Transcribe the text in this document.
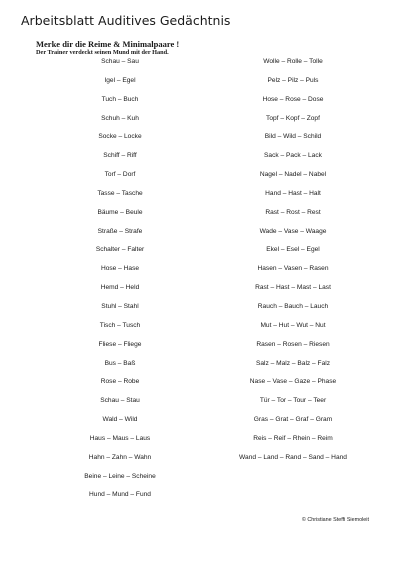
Arbeitsblatt Auditives Gedächtnis
Merke dir die Reime & Minimalpaare !
Der Trainer verdeckt seinen Mund mit der Hand.
Schau – Sau
Igel – Egel
Tuch – Buch
Schuh – Kuh
Socke – Locke
Schiff – Riff
Torf – Dorf
Tasse – Tasche
Bäume – Beule
Straße – Strafe
Schalter – Falter
Hose – Hase
Hemd – Held
Stuhl – Stahl
Tisch – Tusch
Fliese – Fliege
Bus – Baß
Rose – Robe
Schau – Stau
Wald – Wild
Haus – Maus – Laus
Hahn – Zahn – Wahn
Beine – Leine – Scheine
Hund – Mund – Fund
Wolle – Rolle – Tolle
Pelz – Pilz – Puls
Hose – Rose – Dose
Topf – Kopf – Zopf
Bild – Wild – Schild
Sack – Pack – Lack
Nagel – Nadel – Nabel
Hand – Hast – Halt
Rast – Rost – Rest
Wade – Vase – Waage
Ekel – Esel – Egel
Hasen – Vasen – Rasen
Rast – Hast – Mast – Last
Rauch – Bauch – Lauch
Mut – Hut – Wut – Nut
Rasen – Rosen – Riesen
Salz – Malz – Balz – Falz
Nase – Vase – Gaze – Phase
Tür – Tor – Tour – Teer
Gras – Grat – Graf – Gram
Reis – Reif – Rhein – Reim
Wand – Land – Rand – Sand – Hand
© Christiane Steffi Siemoleit
